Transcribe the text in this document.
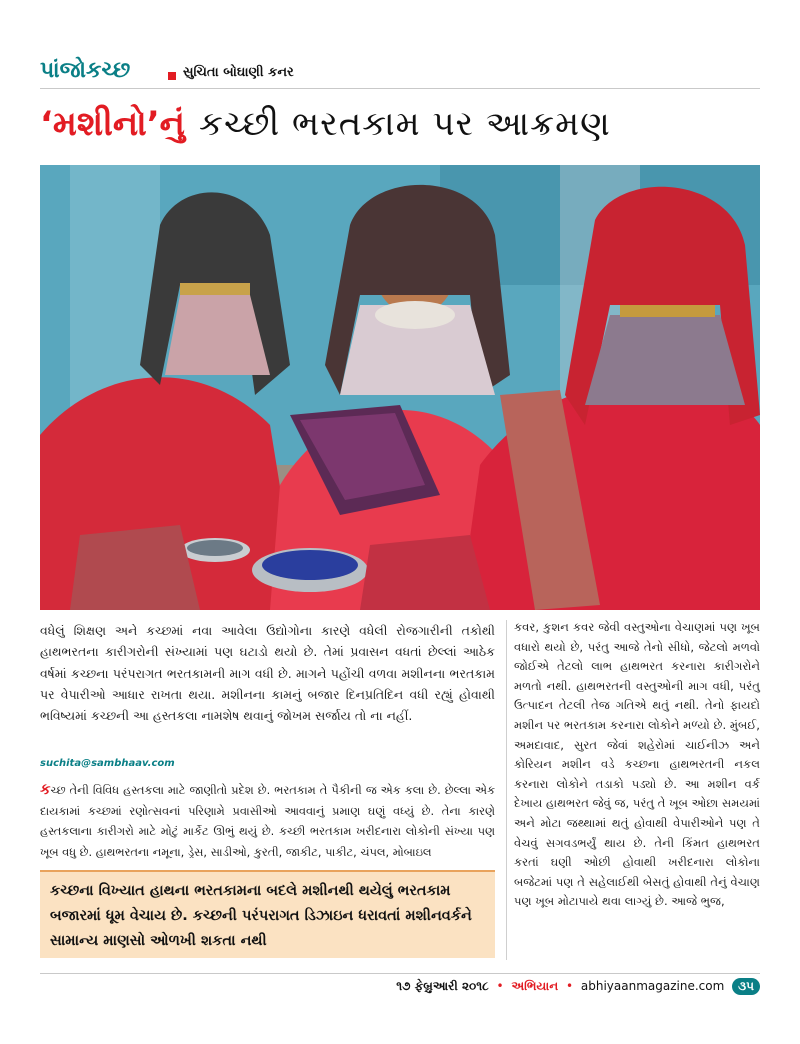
પાંજોકચ્છ	સુચિતા બોઘાણી કનર
‘મશીનો’નું કચ્છી ભરતકામ પર આક્રમણ
વધેલું શિક્ષણ અને કચ્છમાં નવા આવેલા ઉદ્યોગોના કારણે વધેલી રોજગારીની તકોથી હાથભરતના કારીગરોની સંખ્યામાં પણ ઘટાડો થયો છે. તેમાં પ્રવાસન વધતાં છેલ્લાં આઠેક વર્ષમાં કચ્છના પરંપરાગત ભરતકામની માગ વધી છે. માગને પહોંચી વળવા મશીનના ભરતકામ પર વેપારીઓ આધાર રાખતા થયા. મશીનના કામનું બજાર દિનપ્રતિદિન વધી રહ્યું હોવાથી ભવિષ્યમાં કચ્છની આ હસ્તકલા નામશેષ થવાનું જોખમ સર્જાય તો ના નહીં.
suchita@sambhaav.com
કચ્છ તેની વિવિધ હસ્તકલા માટે જાણીતો પ્રદેશ છે. ભરતકામ તે પૈકીની જ એક કલા છે. છેલ્લા એક દાયકામાં કચ્છમાં રણોત્સવનાં પરિણામે પ્રવાસીઓ આવવાનું પ્રમાણ ઘણું વધ્યું છે. તેના કારણે હસ્તકલાના કારીગરો માટે મોટું માર્કેટ ઊભું થયું છે. કચ્છી ભરતકામ ખરીદનારા લોકોની સંખ્યા પણ ખૂબ વધુ છે. હાથભરતના નમૂના, ડ્રેસ, સાડીઓ, કુરતી, જાકીટ, પાકીટ, ચંપલ, મોબાઇલ
કચ્છના વિખ્યાત હાથના ભરતકામના બદલે મશીનથી થયેલું ભરતકામ બજારમાં ધૂમ વેચાય છે. કચ્છની પરંપરાગત ડિઝાઇન ધરાવતાં મશીનવર્કને સામાન્ય માણસો ઓળખી શકતા નથી
કવર, કુશન કવર જેવી વસ્તુઓના વેચાણમાં પણ ખૂબ વધારો થયો છે, પરંતુ આજે તેનો સીધો, જેટલો મળવો જોઈએ તેટલો લાભ હાથભરત કરનારા કારીગરોને મળતો નથી. હાથભરતની વસ્તુઓની માગ વધી, પરંતુ ઉત્પાદન તેટલી તેજ ગતિએ થતું નથી. તેનો ફાયદો મશીન પર ભરતકામ કરનારા લોકોને મળ્યો છે. મુંબઈ, અમદાવાદ, સુરત જેવાં શહેરોમાં ચાઈનીઝ અને કોરિયન મશીન વડે કચ્છના હાથભરતની નકલ કરનારા લોકોને તડાકો પડ્યો છે. આ મશીન વર્ક દેખાય હાથભરત જેવું જ, પરંતુ તે ખૂબ ઓછા સમયમાં અને મોટા જથ્થામાં થતું હોવાથી વેપારીઓને પણ તે વેચવું સગવડભર્યું થાય છે. તેની કિંમત હાથભરત કરતાં ઘણી ઓછી હોવાથી ખરીદનારા લોકોના બજેટમાં પણ તે સહેલાઈથી બેસતું હોવાથી તેનું વેચાણ પણ ખૂબ મોટાપાયે થવા લાગ્યું છે. આજે ભુજ,
૧૭ ફેબ્રુઆરી ૨૦૧૮ • અભિયાન • abhiyaanmagazine.com ૩૫
